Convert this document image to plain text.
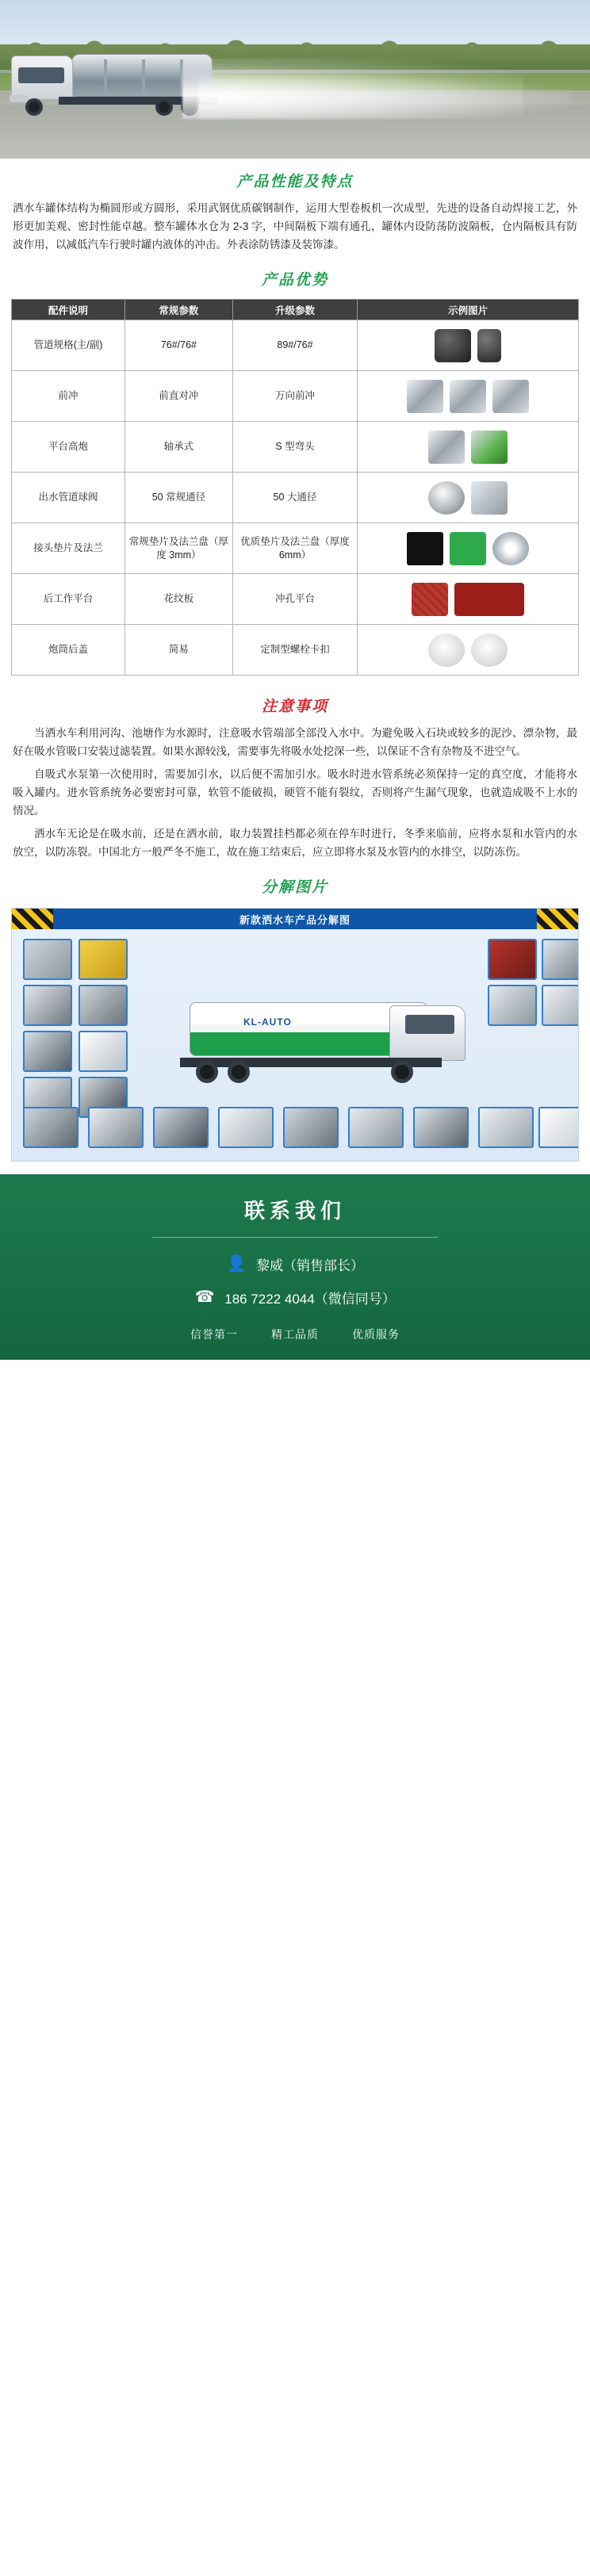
产品性能及特点
洒水车罐体结构为椭圆形或方圆形，采用武钢优质碳钢制作，运用大型卷板机一次成型，先进的设备自动焊接工艺，外形更加美观、密封性能卓越。整车罐体水仓为 2-3 字，中间隔板下端有通孔，罐体内设防荡防波隔板，仓内隔板具有防波作用，以减低汽车行驶时罐内液体的冲击。外表涂防锈漆及装饰漆。
产品优势
配件说明	常规参数	升级参数	示例图片
管道规格(主/副)	76#/76#	89#/76#	

前冲	前直对冲	万向前冲	

平台高炮	轴承式	S 型弯头	

出水管道球阀	50 常规通径	50 大通径	

接头垫片及法兰	常规垫片及法兰盘（厚度 3mm）	优质垫片及法兰盘（厚度 6mm）	

后工作平台	花纹板	冲孔平台	

炮筒后盖	简易	定制型螺栓卡扣	
注意事项
当洒水车利用河沟、池塘作为水源时，注意吸水管端部全部没入水中。为避免吸入石块或较多的泥沙、漂杂物，最好在吸水管吸口安装过滤装置。如果水源较浅，需要事先将吸水处挖深一些，以保证不含有杂物及不进空气。
自吸式水泵第一次使用时，需要加引水，以后便不需加引水。吸水时进水管系统必须保持一定的真空度，才能将水吸入罐内。进水管系统务必要密封可靠，软管不能破损，硬管不能有裂纹，否则将产生漏气现象，也就造成吸不上水的情况。
洒水车无论是在吸水前，还是在洒水前，取力装置挂档都必须在停车时进行，冬季来临前，应将水泵和水管内的水放空，以防冻裂。中国北方一般严冬不施工，故在施工结束后，应立即将水泵及水管内的水排空，以防冻伤。
分解图片
新款洒水车产品分解图
KL-AUTO
联系我们
👤 黎威（销售部长）
☎ 186 7222 4044（微信同号）
信誉第一	精工品质	优质服务
